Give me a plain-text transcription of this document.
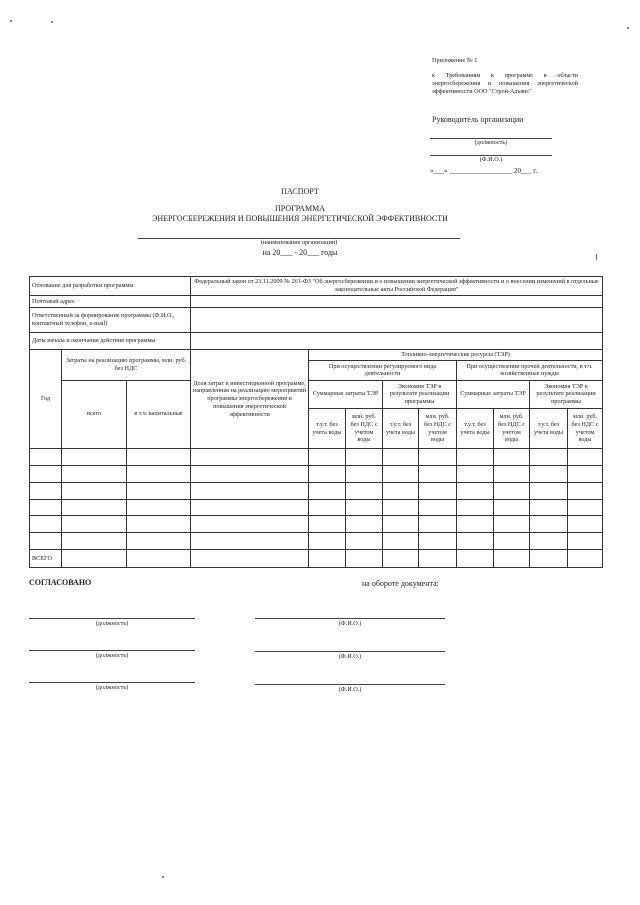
Приложение № 1
к Требованиям к программе в области энергосбережения и повышения энергетической эффективности ООО "Строй-Альянс"
Руководитель организации
(должность)
(Ф.И.О.)
«___» __________________ 20___ г.
ПАСПОРТ
ПРОГРАММА
ЭНЕРГОСБЕРЕЖЕНИЯ И ПОВЫШЕНИЯ ЭНЕРГЕТИЧЕСКОЙ ЭФФЕКТИВНОСТИ
(наименование организации)
на 20___ - 20___ годы
Основание для разработки программы			Федеральный закон от 23.11.2009 № 261-ФЗ "Об энергосбережении и о повышении энергетической эффективности и о внесении изменений в отдельные законодательные акты Российской Федерации"								
Почтовый адрес											
Ответственный за формирование программы (Ф.И.О., контактный телефон, e-mail)											
Даты начала и окончания действия программы											
Год	Затраты на реализацию программы, млн. руб. без НДС		Доля затрат в инвестиционной программе, направленная на реализацию мероприятий программы энергосбережения и повышения энергетической эффективности	Топливно-энергетические ресурсы (ТЭР)							
				При осуществлении регулируемого вида деятельности				При осуществлении прочей деятельности, в т.ч. хозяйственные нужды			
	всего	в т.ч. капитальные		Суммарные затраты ТЭР		Экономия ТЭР в результате реализации программы		Суммарные затраты ТЭР		Экономия ТЭР в результате реализации программы	
				т.у.т. без учета воды	млн. руб. без НДС с учетом воды	т.у.т. без учета воды	млн. руб. без НДС с учетом воды	т.у.т. без учета воды	млн. руб. без НДС с учетом воды	т.у.т. без учета воды	млн. руб. без НДС с учетом воды

ВСЕГО											
СОГЛАСОВАНО	на обороте документа:
(должность)	(Ф.И.О.)
(должность)	(Ф.И.О.)
(должность)	(Ф.И.О.)
